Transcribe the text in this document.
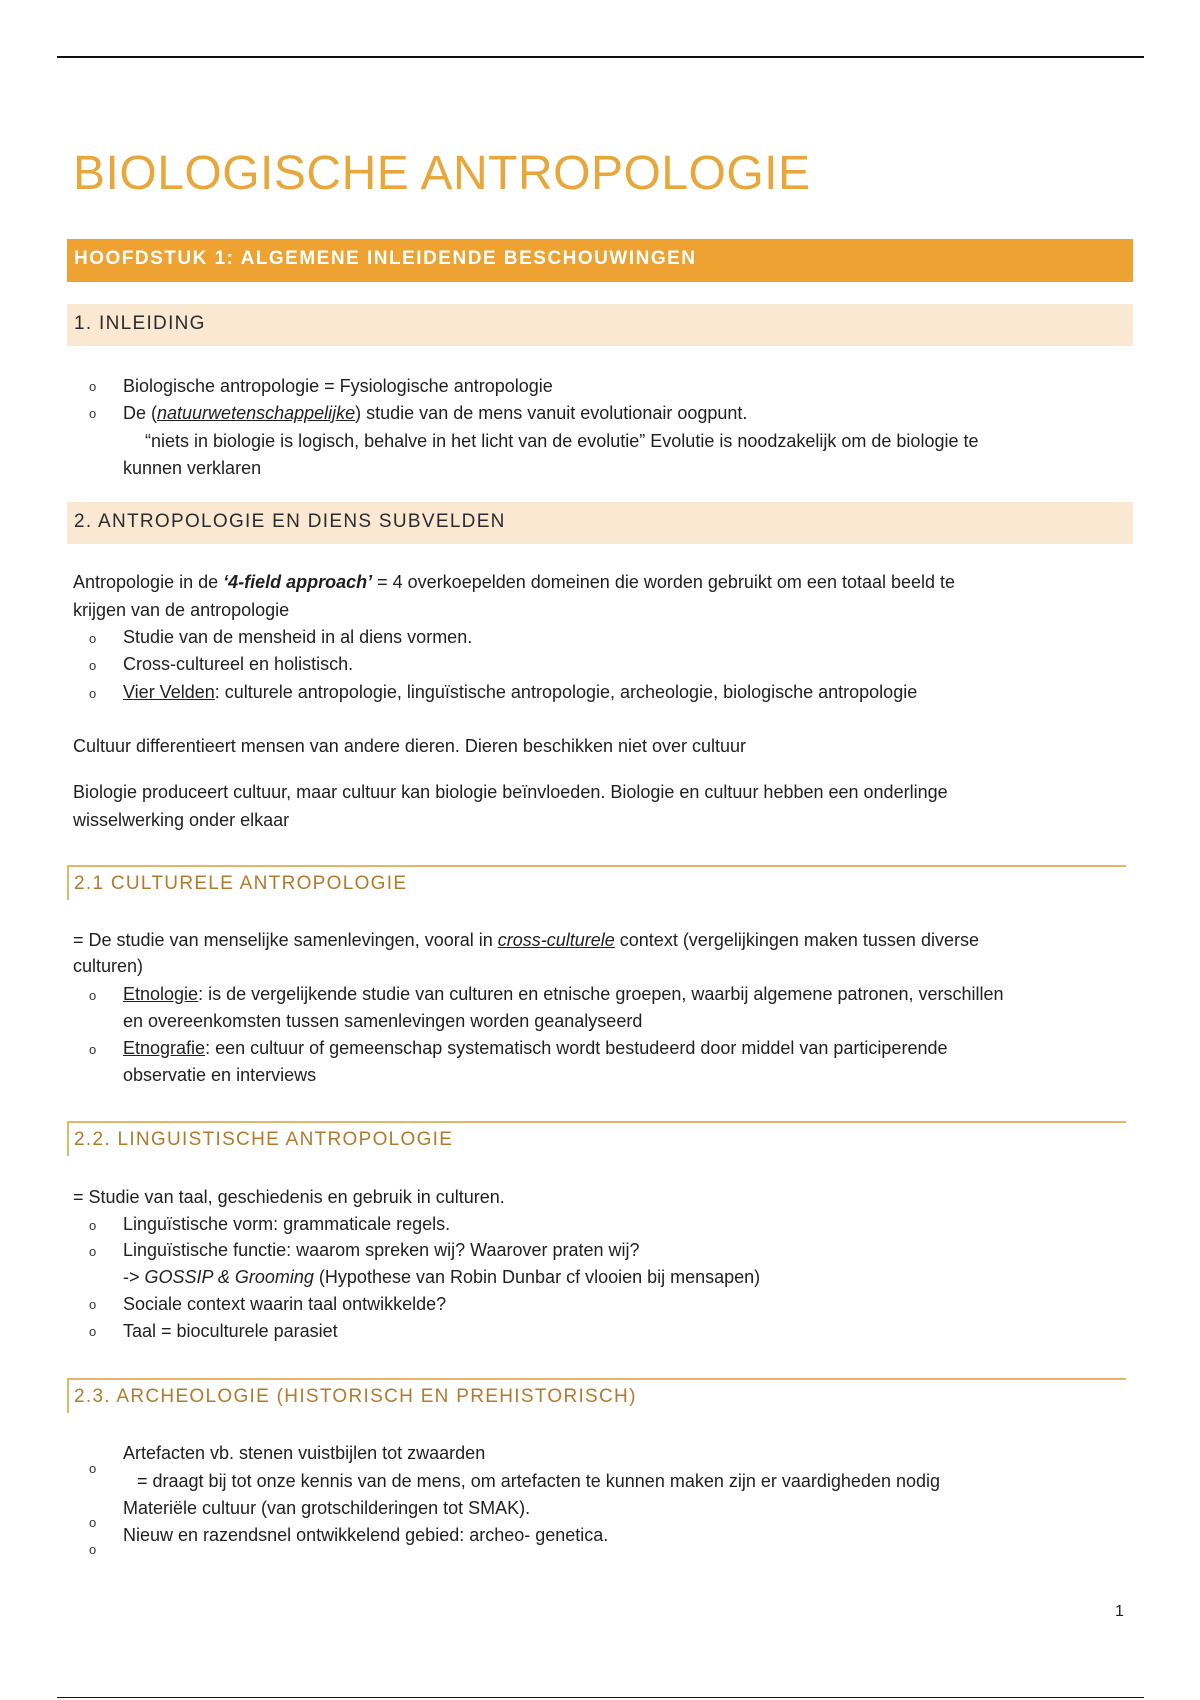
BIOLOGISCHE ANTROPOLOGIE
HOOFDSTUK 1: ALGEMENE INLEIDENDE BESCHOUWINGEN
1. INLEIDING
o Biologische antropologie = Fysiologische antropologie
o De (natuurwetenschappelijke) studie van de mens vanuit evolutionair oogpunt.
“niets in biologie is logisch, behalve in het licht van de evolutie” Evolutie is noodzakelijk om de biologie te
kunnen verklaren
2. ANTROPOLOGIE EN DIENS SUBVELDEN
Antropologie in de ‘4-field approach’ = 4 overkoepelden domeinen die worden gebruikt om een totaal beeld te
krijgen van de antropologie
o Studie van de mensheid in al diens vormen.
o Cross-cultureel en holistisch.
o Vier Velden: culturele antropologie, linguïstische antropologie, archeologie, biologische antropologie
Cultuur differentieert mensen van andere dieren. Dieren beschikken niet over cultuur
Biologie produceert cultuur, maar cultuur kan biologie beïnvloeden. Biologie en cultuur hebben een onderlinge
wisselwerking onder elkaar
2.1 CULTURELE ANTROPOLOGIE
= De studie van menselijke samenlevingen, vooral in cross-culturele context (vergelijkingen maken tussen diverse
culturen)
o Etnologie: is de vergelijkende studie van culturen en etnische groepen, waarbij algemene patronen, verschillen
en overeenkomsten tussen samenlevingen worden geanalyseerd
o Etnografie: een cultuur of gemeenschap systematisch wordt bestudeerd door middel van participerende
observatie en interviews
2.2. LINGUISTISCHE ANTROPOLOGIE
= Studie van taal, geschiedenis en gebruik in culturen.
o Linguïstische vorm: grammaticale regels.
o Linguïstische functie: waarom spreken wij? Waarover praten wij?
-> GOSSIP & Grooming (Hypothese van Robin Dunbar cf vlooien bij mensapen)
o Sociale context waarin taal ontwikkelde?
o Taal = bioculturele parasiet
2.3. ARCHEOLOGIE (HISTORISCH EN PREHISTORISCH)
o
Artefacten vb. stenen vuistbijlen tot zwaarden
= draagt bij tot onze kennis van de mens, om artefacten te kunnen maken zijn er vaardigheden nodig
o
Materiële cultuur (van grotschilderingen tot SMAK).
o
Nieuw en razendsnel ontwikkelend gebied: archeo- genetica.
1
